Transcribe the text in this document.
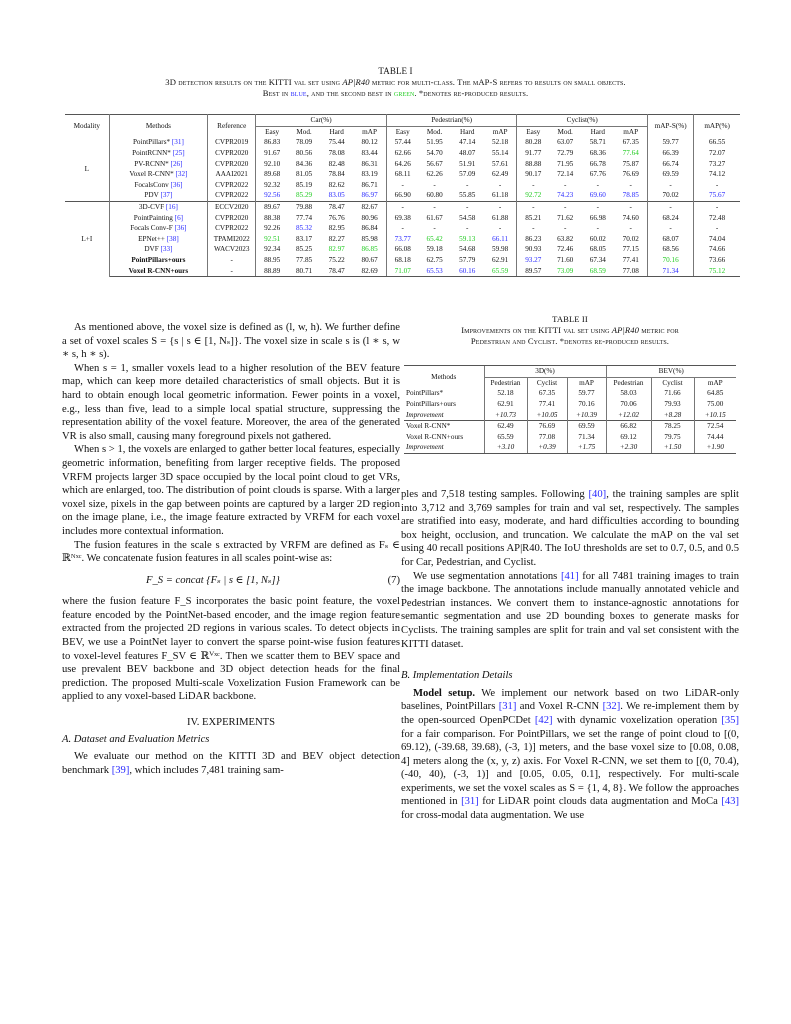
TABLE I
3D detection results on the KITTI val set using AP|R40 metric for multi-class. The mAP-S refers to results on small objects.
Best in blue, and the second best in green. *denotes re-produced results.
Modality	Methods	Reference	Car(%)				Pedestrian(%)				Cyclist(%)				mAP-S(%)	mAP(%)
			Easy	Mod.	Hard	mAP	Easy	Mod.	Hard	mAP	Easy	Mod.	Hard	mAP		
L	PointPillars* [31]	CVPR2019	86.83	78.09	75.44	80.12	57.44	51.95	47.14	52.18	80.28	63.07	58.71	67.35	59.77	66.55
	PointRCNN* [25]	CVPR2020	91.67	80.56	78.08	83.44	62.66	54.70	48.07	55.14	91.77	72.79	68.36	77.64	66.39	72.07
	PV-RCNN* [26]	CVPR2020	92.10	84.36	82.48	86.31	64.26	56.67	51.91	57.61	88.88	71.95	66.78	75.87	66.74	73.27
	Voxel R-CNN* [32]	AAAI2021	89.68	81.05	78.84	83.19	68.11	62.26	57.09	62.49	90.17	72.14	67.76	76.69	69.59	74.12
	FocalsConv [36]	CVPR2022	92.32	85.19	82.62	86.71	-	-	-	-	-	-	-	-	-	-
	PDV [37]	CVPR2022	92.56	85.29	83.05	86.97	66.90	60.80	55.85	61.18	92.72	74.23	69.60	78.85	70.02	75.67
L+I	3D-CVF [16]	ECCV2020	89.67	79.88	78.47	82.67	-	-	-	-	-	-	-	-	-	-
	PointPainting [6]	CVPR2020	88.38	77.74	76.76	80.96	69.38	61.67	54.58	61.88	85.21	71.62	66.98	74.60	68.24	72.48
	Focals Conv-F [36]	CVPR2022	92.26	85.32	82.95	86.84	-	-	-	-	-	-	-	-	-	-
	EPNet++ [38]	TPAMI2022	92.51	83.17	82.27	85.98	73.77	65.42	59.13	66.11	86.23	63.82	60.02	70.02	68.07	74.04
	DVF [33]	WACV2023	92.34	85.25	82.97	86.85	66.08	59.18	54.68	59.98	90.93	72.46	68.05	77.15	68.56	74.66
	PointPillars+ours	-	88.95	77.85	75.22	80.67	68.18	62.75	57.79	62.91	93.27	71.60	67.34	77.41	70.16	73.66
	Voxel R-CNN+ours	-	88.89	80.71	78.47	82.69	71.07	65.53	60.16	65.59	89.57	73.09	68.59	77.08	71.34	75.12
TABLE II
Improvements on the KITTI val set using AP|R40 metric for
Pedestrian and Cyclist. *denotes re-produced results.
Methods	3D(%)			BEV(%)		
	Pedestrian	Cyclist	mAP	Pedestrian	Cyclist	mAP
PointPillars*	52.18	67.35	59.77	58.03	71.66	64.85
PointPillars+ours	62.91	77.41	70.16	70.06	79.93	75.00
Improvement	+10.73	+10.05	+10.39	+12.02	+8.28	+10.15
Voxel R-CNN*	62.49	76.69	69.59	66.82	78.25	72.54
Voxel R-CNN+ours	65.59	77.08	71.34	69.12	79.75	74.44
Improvement	+3.10	+0.39	+1.75	+2.30	+1.50	+1.90

As mentioned above, the voxel size is defined as (l, w, h). We further define a set of voxel scales S = {s | s ∈ [1, Nₛ]}. The voxel size in scale s is (l ∗ s, w ∗ s, h ∗ s).

When s = 1, smaller voxels lead to a higher resolution of the BEV feature map, which can keep more detailed characteristics of small objects. But it is hard to obtain enough local geometric information. Fewer points in a voxel, e.g., less than five, lead to a simple local spatial structure, suppressing the representation ability of the voxel feature. Moreover, the area of the generated VR is also small, causing many foreground pixels not gathered.

When s > 1, the voxels are enlarged to gather better local features, especially geometric information, benefiting from larger receptive fields. The proposed VRFM projects larger 3D space occupied by the local point cloud to get VRs, which are enlarged, too. The distribution of point clouds is sparse. With a larger voxel size, pixels in the gap between points are captured by a larger 2D region on the image plane, i.e., the image feature extracted by VRFM for each voxel includes more contextual information.

The fusion features in the scale s extracted by VRFM are defined as Fₛ ∈ ℝᴺˣᶜ. We concatenate fusion features in all scales point-wise as:

F_S = concat {Fₛ | s ∈ [1, Nₛ]}	(7)

where the fusion feature F_S incorporates the basic point feature, the voxel feature encoded by the PointNet-based encoder, and the image region feature extracted from the projected 2D regions in various scales. To detect objects in BEV, we use a PointNet layer to convert the sparse point-wise fusion features to voxel-level features F_SV ∈ ℝⱽˣᶜ. Then we scatter them to BEV space and use prevalent BEV backbone and 3D object detection heads for the final prediction. The proposed Multi-scale Voxelization Fusion Framework can be applied to any voxel-based LiDAR backbone.

IV. EXPERIMENTS
A. Dataset and Evaluation Metrics

We evaluate our method on the KITTI 3D and BEV object detection benchmark [39], which includes 7,481 training sam-

ples and 7,518 testing samples. Following [40], the training samples are split into 3,712 and 3,769 samples for train and val set, respectively. The samples are stratified into easy, moderate, and hard difficulties according to bounding box height, occlusion, and truncation. We calculate the mAP on the val set using 40 recall positions AP|R40. The IoU thresholds are set to 0.7, 0.5, and 0.5 for Car, Pedestrian, and Cyclist.

We use segmentation annotations [41] for all 7481 training images to train the image backbone. The annotations include manually annotated vehicle and Pedestrian instances. We convert them to instance-agnostic annotations for semantic segmentation and use 2D bounding boxes to generate masks for Cyclists. The training samples are split for train and val set consistent with the KITTI dataset.

B. Implementation Details

Model setup. We implement our network based on two LiDAR-only baselines, PointPillars [31] and Voxel R-CNN [32]. We re-implement them by the open-sourced OpenPCDet [42] with dynamic voxelization operation [35] for a fair comparison. For PointPillars, we set the range of point cloud to [(0, 69.12), (-39.68, 39.68), (-3, 1)] meters, and the base voxel size to [0.08, 0.08, 4] meters along the (x, y, z) axis. For Voxel R-CNN, we set them to [(0, 70.4), (-40, 40), (-3, 1)] and [0.05, 0.05, 0.1], respectively. For multi-scale experiments, we set the voxel scales as S = {1, 4, 8}. We follow the approaches mentioned in [31] for LiDAR point clouds data augmentation and MoCa [43] for cross-modal data augmentation. We use
